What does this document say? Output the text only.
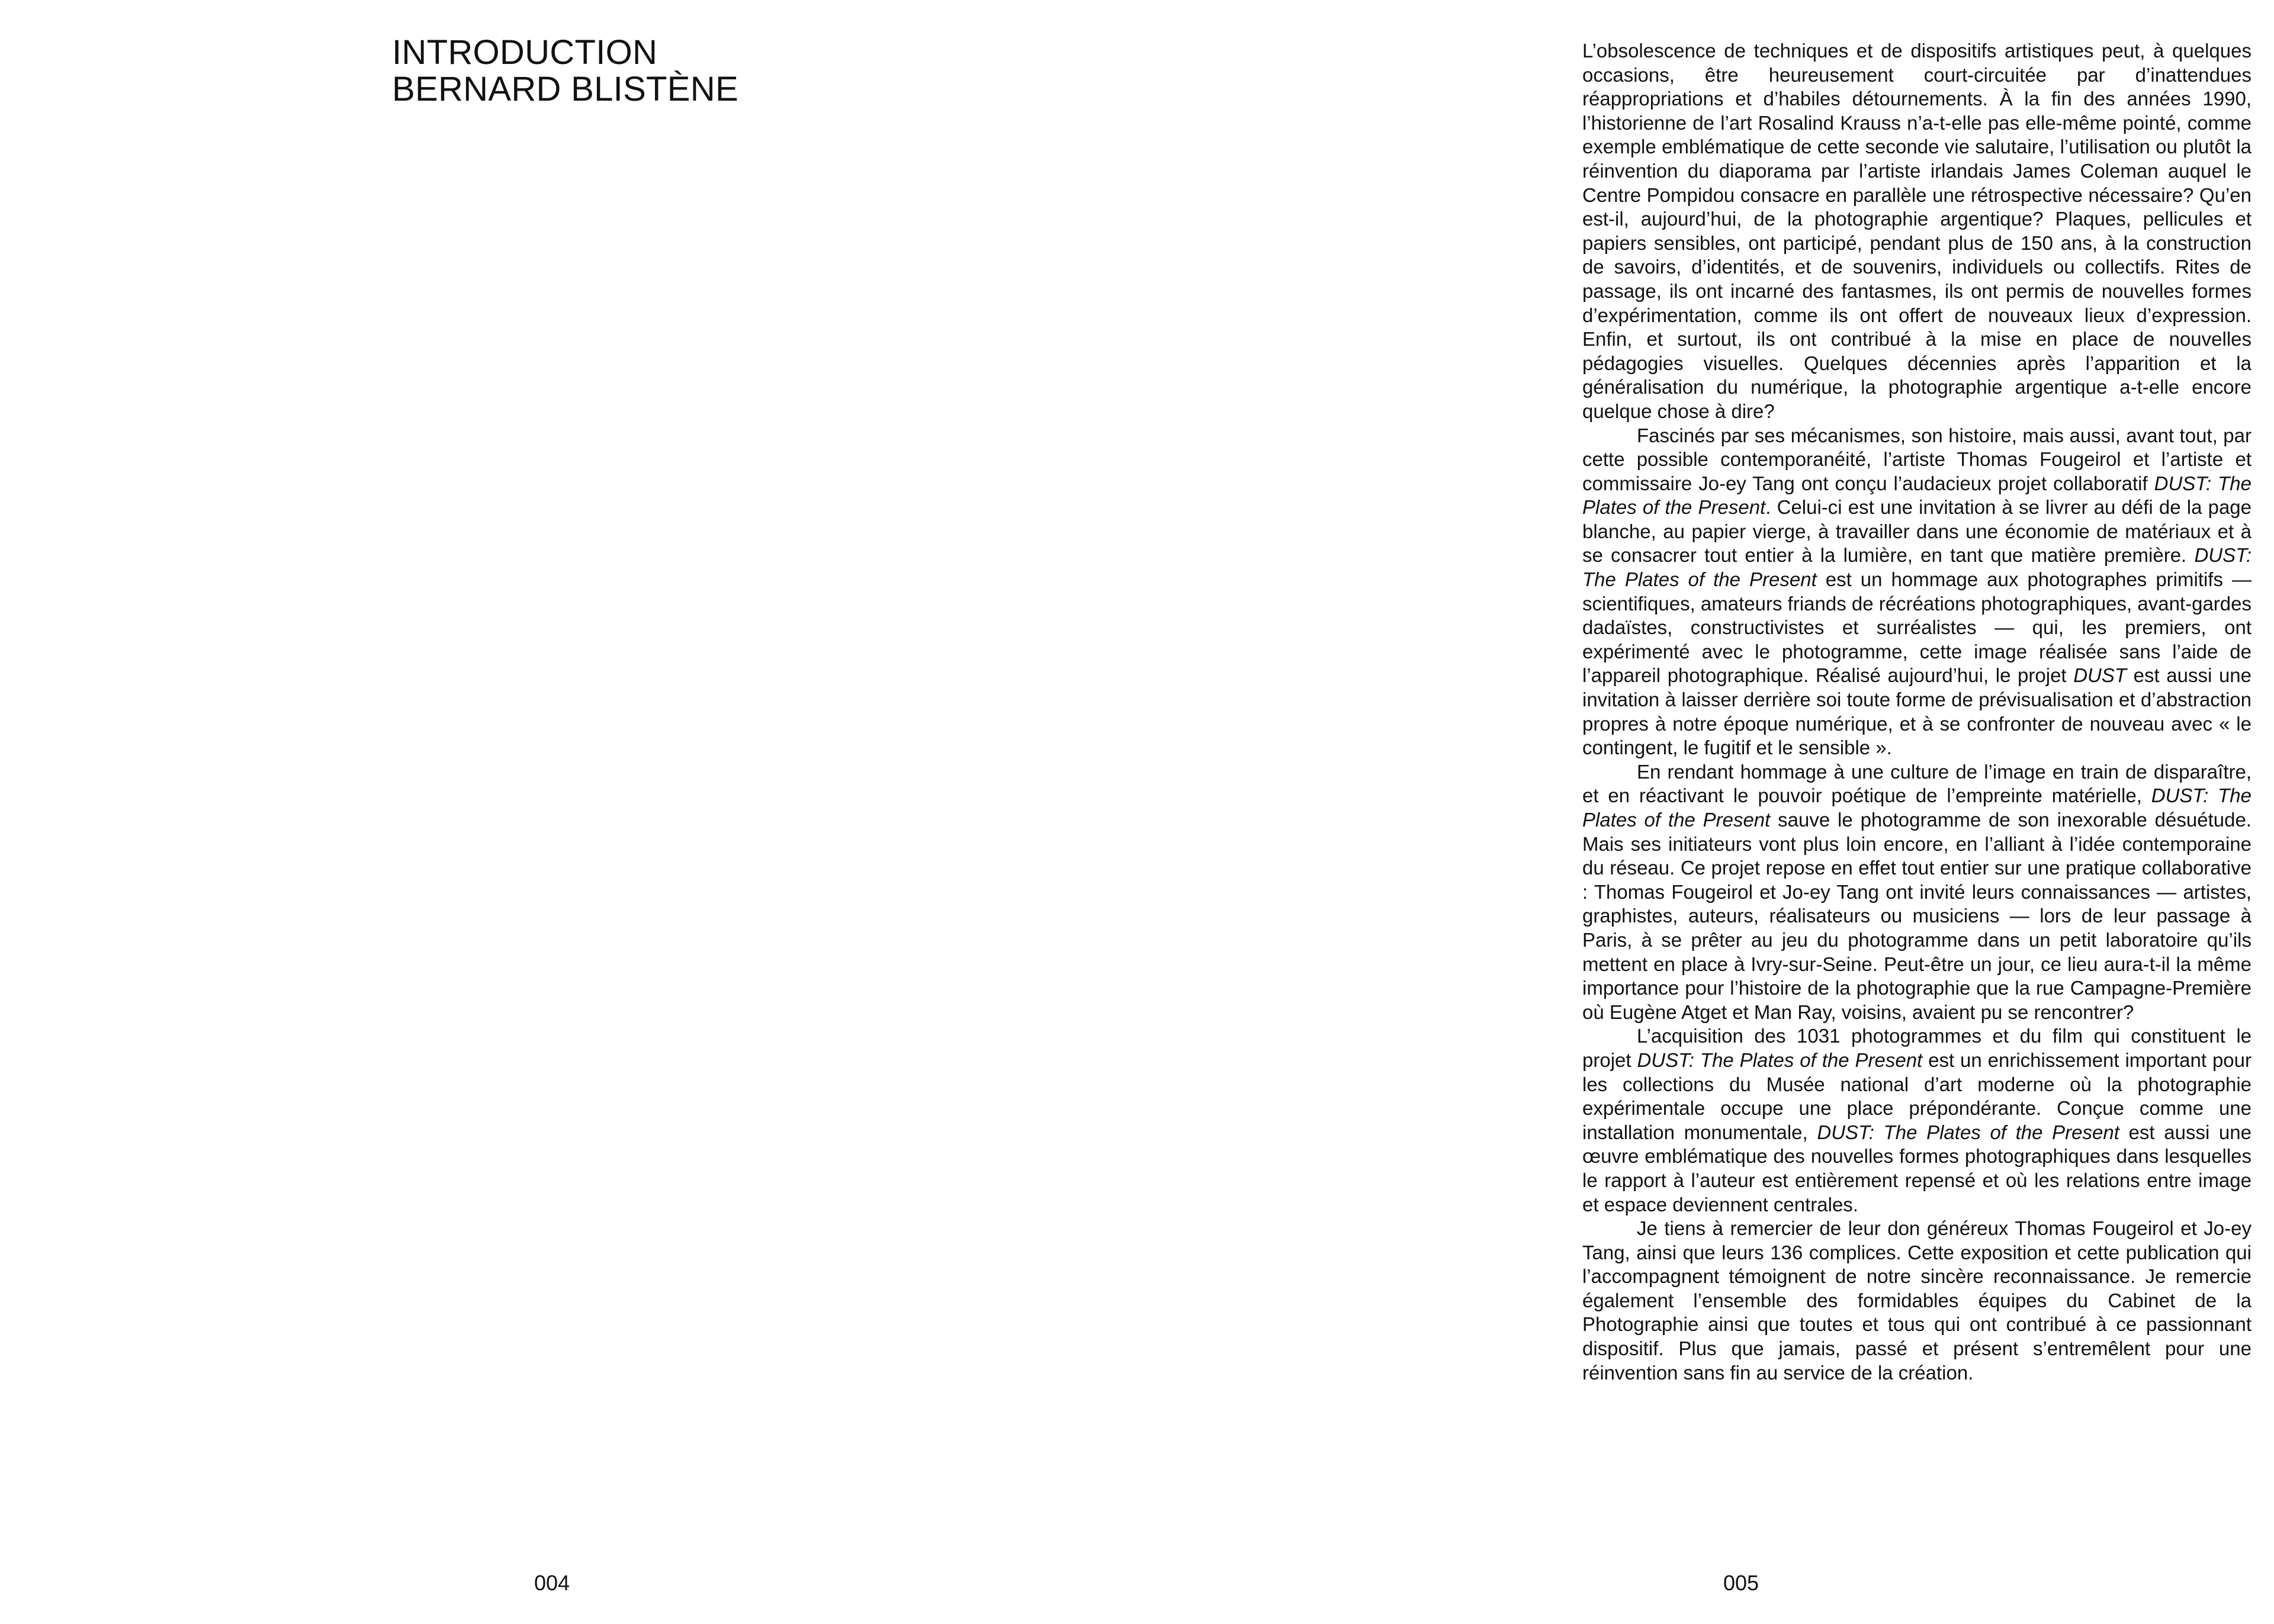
INTRODUCTION
BERNARD BLISTÈNE
004

L’obsolescence de techniques et de dispositifs artistiques peut, à quelques occasions, être heureusement court-circuitée par d’inattendues réappropriations et d’habiles détournements. À la fin des années 1990, l’historienne de l’art Rosalind Krauss n’a-t-elle pas elle-même pointé, comme exemple emblématique de cette seconde vie salutaire, l’utilisation ou plutôt la réinvention du diaporama par l’artiste irlandais James Coleman auquel le Centre Pompidou consacre en parallèle une rétrospective nécessaire? Qu’en est-il, aujourd’hui, de la photographie argentique? Plaques, pellicules et papiers sensibles, ont participé, pendant plus de 150 ans, à la construction de savoirs, d’identités, et de souvenirs, individuels ou collectifs. Rites de passage, ils ont incarné des fantasmes, ils ont permis de nouvelles formes d’expérimentation, comme ils ont offert de nouveaux lieux d’expression. Enfin, et surtout, ils ont contribué à la mise en place de nouvelles pédagogies visuelles. Quelques décennies après l’apparition et la généralisation du numérique, la photographie argentique a-t-elle encore quelque chose à dire?

Fascinés par ses mécanismes, son histoire, mais aussi, avant tout, par cette possible contemporanéité, l’artiste Thomas Fougeirol et l’artiste et commissaire Jo-ey Tang ont conçu l’audacieux projet collaboratif DUST: The Plates of the Present. Celui-ci est une invitation à se livrer au défi de la page blanche, au papier vierge, à travailler dans une économie de matériaux et à se consacrer tout entier à la lumière, en tant que matière première. DUST: The Plates of the Present est un hommage aux photographes primitifs — scientifiques, amateurs friands de récréations photographiques, avant-gardes dadaïstes, constructivistes et surréalistes — qui, les premiers, ont expérimenté avec le photogramme, cette image réalisée sans l’aide de l’appareil photographique. Réalisé aujourd’hui, le projet DUST est aussi une invitation à laisser derrière soi toute forme de prévisualisation et d’abstraction propres à notre époque numérique, et à se confronter de nouveau avec « le contingent, le fugitif et le sensible ».

En rendant hommage à une culture de l’image en train de disparaître, et en réactivant le pouvoir poétique de l’empreinte matérielle, DUST: The Plates of the Present sauve le photogramme de son inexorable désuétude. Mais ses initiateurs vont plus loin encore, en l’alliant à l’idée contemporaine du réseau. Ce projet repose en effet tout entier sur une pratique collaborative : Thomas Fougeirol et Jo-ey Tang ont invité leurs connaissances — artistes, graphistes, auteurs, réalisateurs ou musiciens — lors de leur passage à Paris, à se prêter au jeu du photogramme dans un petit laboratoire qu’ils mettent en place à Ivry-sur-Seine. Peut-être un jour, ce lieu aura-t-il la même importance pour l’histoire de la photographie que la rue Campagne-Première où Eugène Atget et Man Ray, voisins, avaient pu se rencontrer?

L’acquisition des 1031 photogrammes et du film qui constituent le projet DUST: The Plates of the Present est un enrichissement important pour les collections du Musée national d’art moderne où la photographie expérimentale occupe une place prépondérante. Conçue comme une installation monumentale, DUST: The Plates of the Present est aussi une œuvre emblématique des nouvelles formes photographiques dans lesquelles le rapport à l’auteur est entièrement repensé et où les relations entre image et espace deviennent centrales.

Je tiens à remercier de leur don généreux Thomas Fougeirol et Jo-ey Tang, ainsi que leurs 136 complices. Cette exposition et cette publication qui l’accompagnent témoignent de notre sincère reconnaissance. Je remercie également l’ensemble des formidables équipes du Cabinet de la Photographie ainsi que toutes et tous qui ont contribué à ce passionnant dispositif. Plus que jamais, passé et présent s’entremêlent pour une réinvention sans fin au service de la création.

005
